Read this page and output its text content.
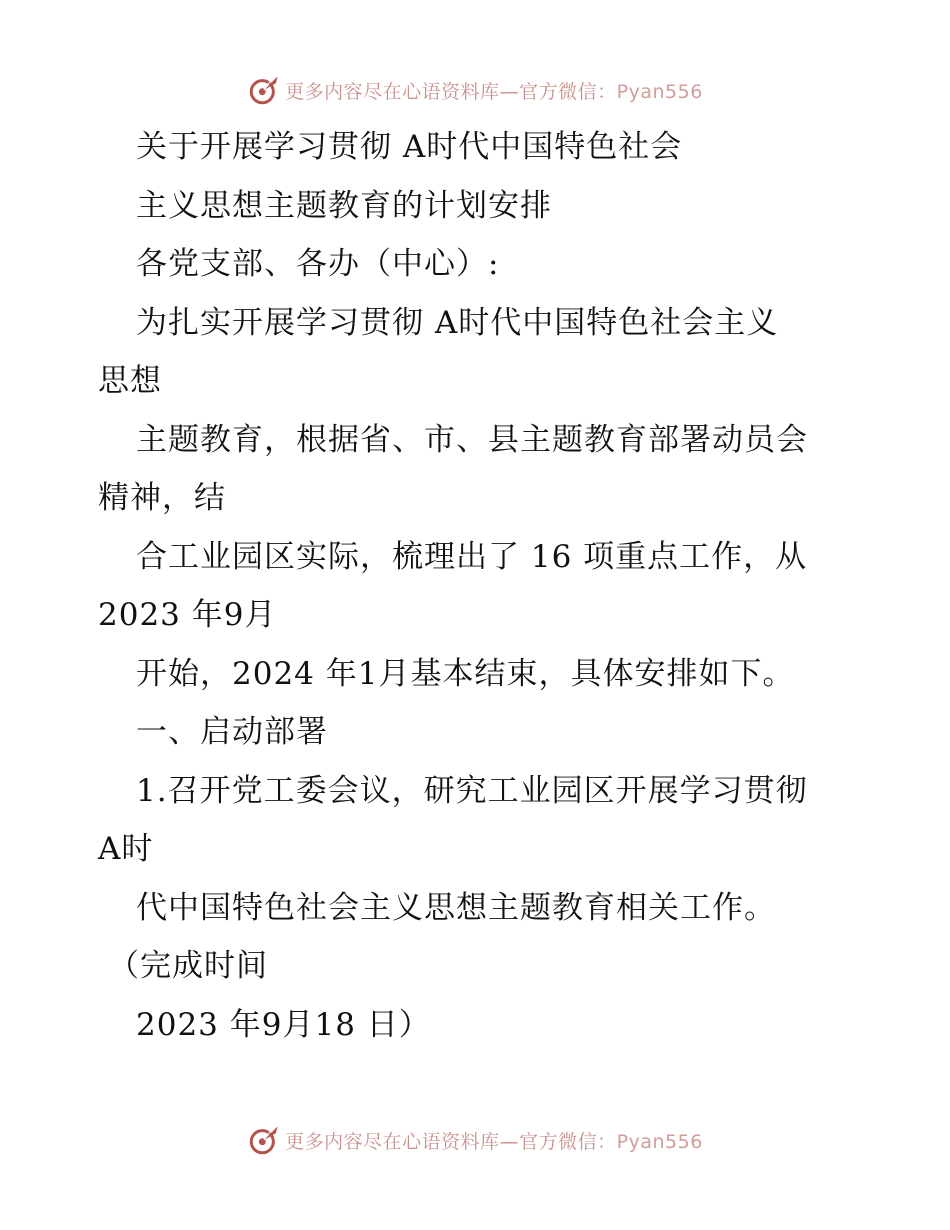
更多内容尽在心语资料库—官方微信：Pyan556
关于开展学习贯彻 A时代中国特色社会
主义思想主题教育的计划安排
各党支部、各办（中心）:
为扎实开展学习贯彻 A时代中国特色社会主义
思想
主题教育，根据省、市、县主题教育部署动员会
精神，结
合工业园区实际，梳理出了 16 项重点工作，从
2023 年9月
开始，2024 年1月基本结束，具体安排如下。
一、启动部署
1.召开党工委会议，研究工业园区开展学习贯彻
A时
代中国特色社会主义思想主题教育相关工作。
（完成时间
2023 年9月18 日）
更多内容尽在心语资料库—官方微信：Pyan556
